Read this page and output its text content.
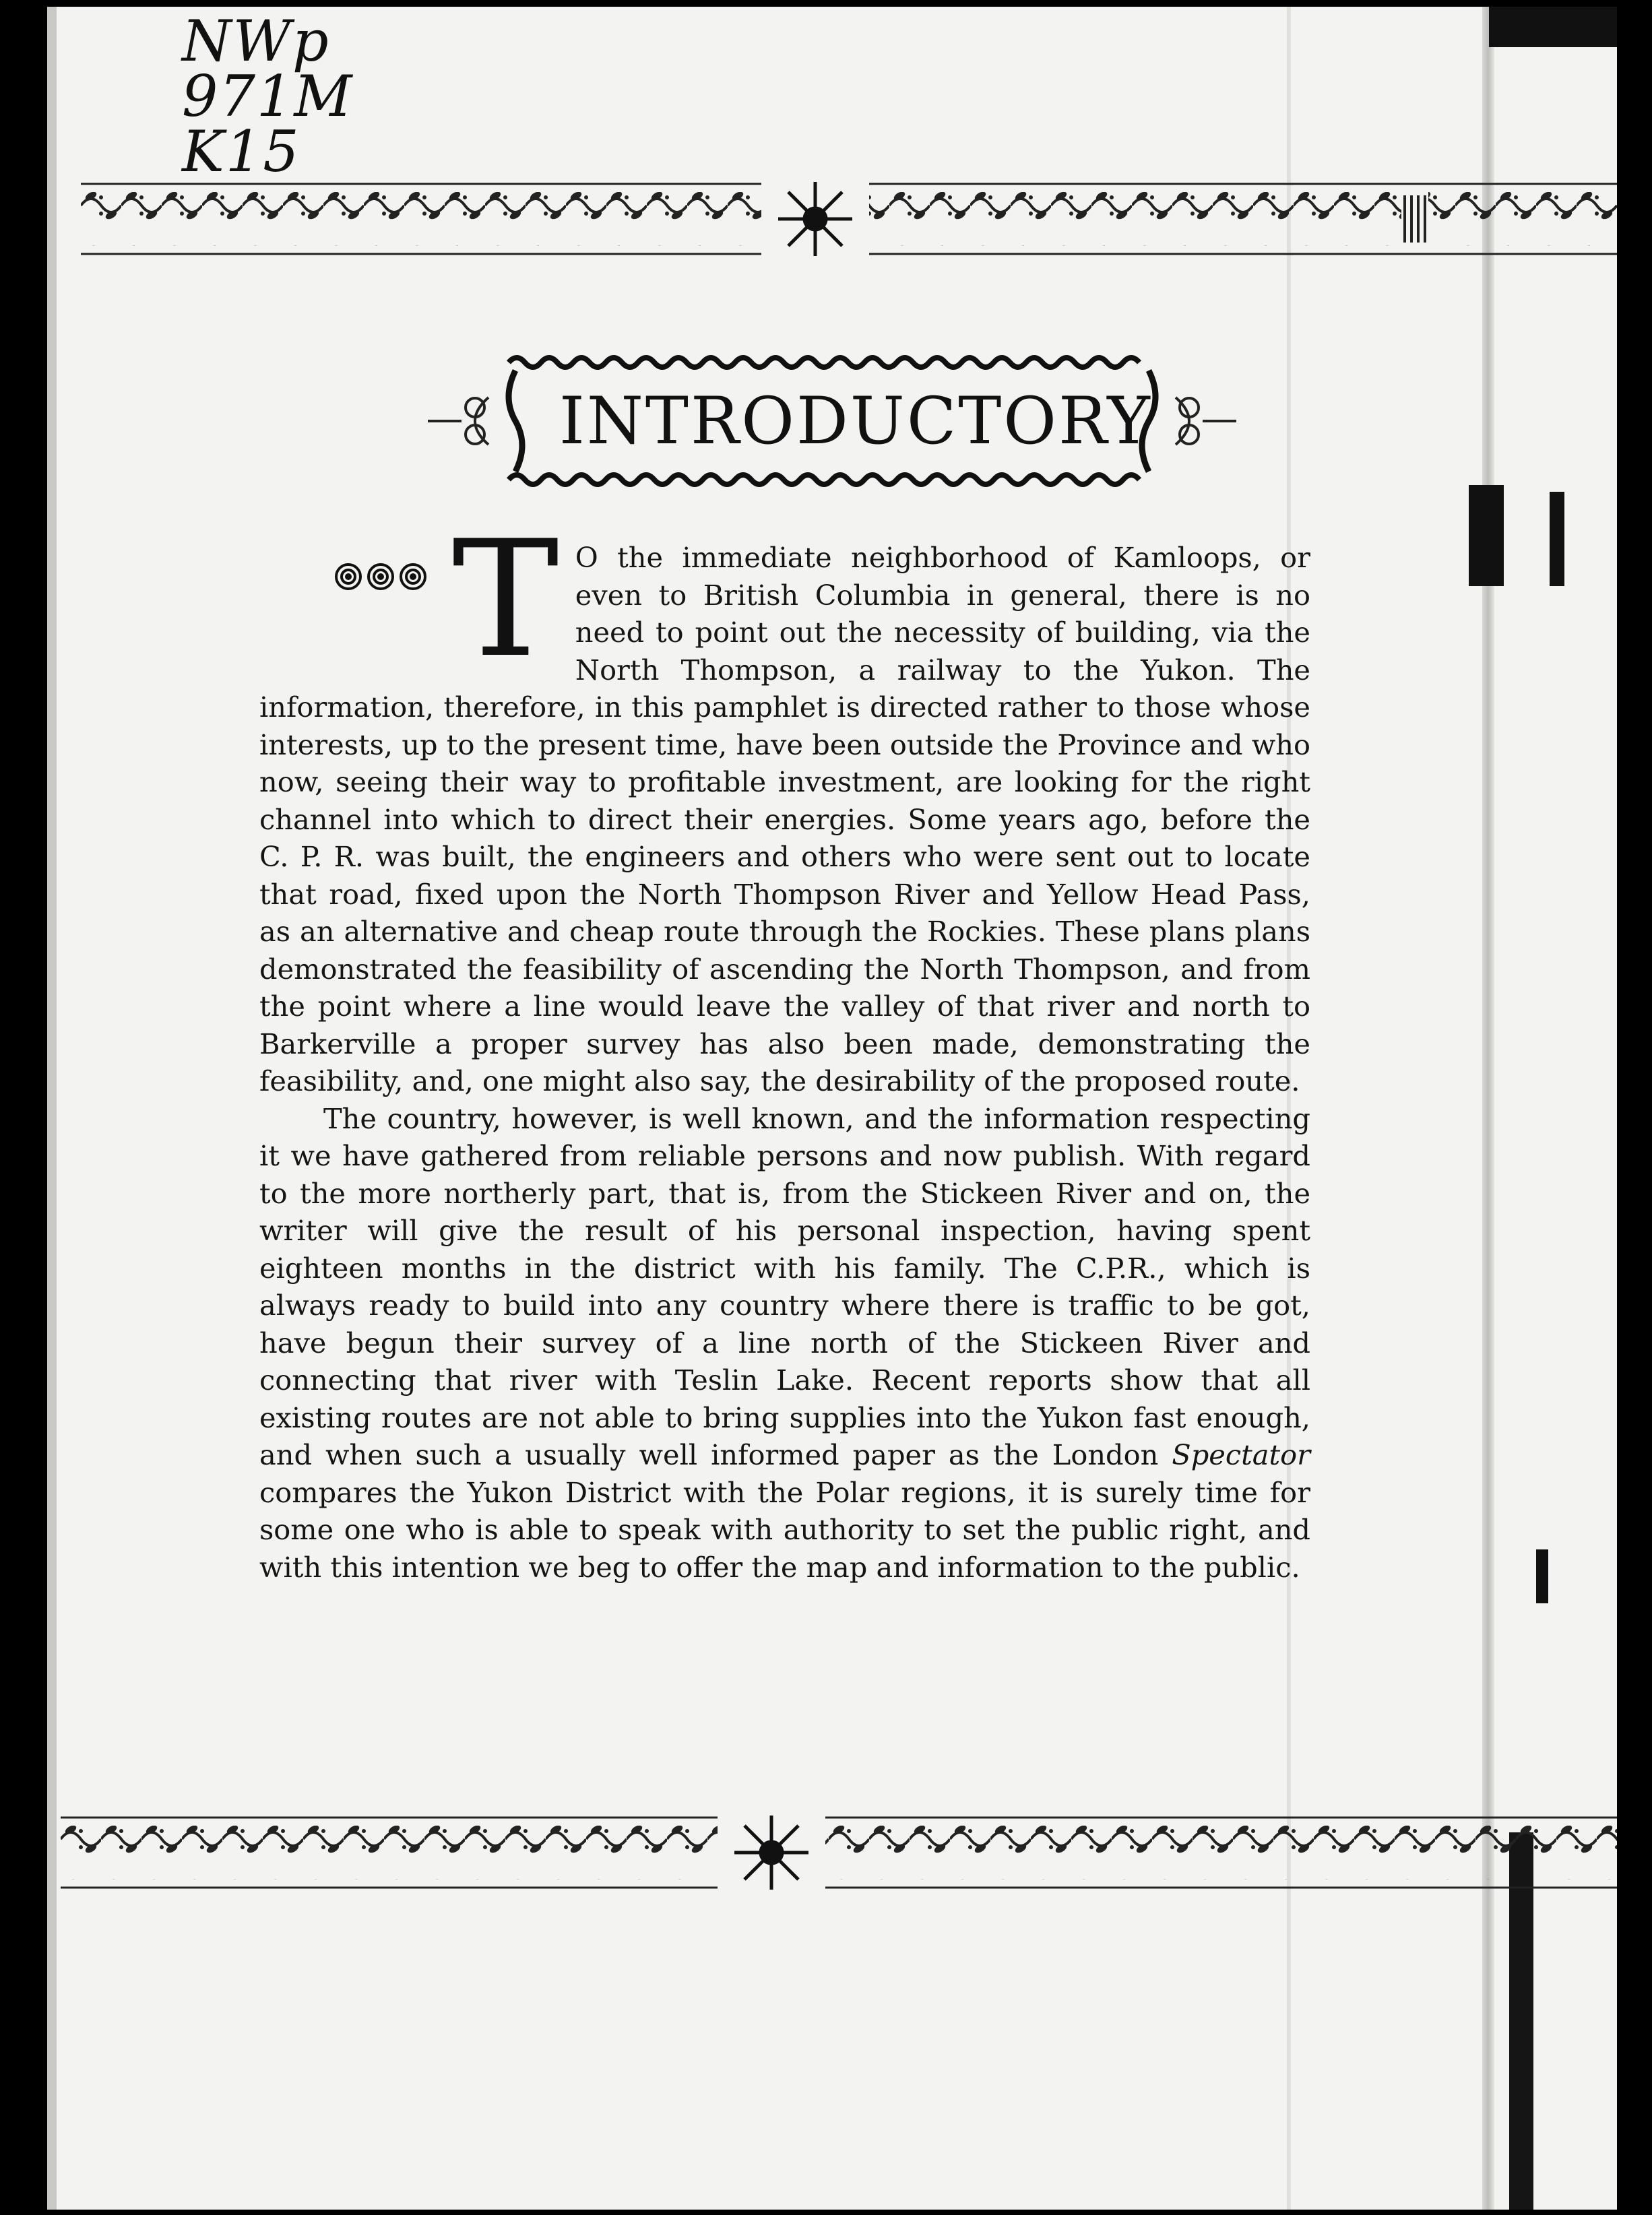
NWp
971M
K15
INTRODUCTORY

T O the immediate neighborhood of Kamloops, or even to British Columbia in general, there is no need to point out the necessity of building, via the North Thompson, a railway to the Yukon. The information, therefore, in this pamphlet is directed rather to those whose interests, up to the present time, have been outside the Province and who now, seeing their way to profitable investment, are looking for the right channel into which to direct their energies. Some years ago, before the C. P. R. was built, the engineers and others who were sent out to locate that road, fixed upon the North Thompson River and Yellow Head Pass, as an alternative and cheap route through the Rockies. These plans plans demonstrated the feasibility of ascending the North Thompson, and from the point where a line would leave the valley of that river and north to Barkerville a proper survey has also been made, demonstrating the feasibility, and, one might also say, the desirability of the proposed route.

The country, however, is well known, and the information respecting it we have gathered from reliable persons and now publish. With regard to the more northerly part, that is, from the Stickeen River and on, the writer will give the result of his personal inspection, having spent eighteen months in the district with his family. The C.P.R., which is always ready to build into any country where there is traffic to be got, have begun their survey of a line north of the Stickeen River and connecting that river with Teslin Lake. Recent reports show that all existing routes are not able to bring supplies into the Yukon fast enough, and when such a usually well informed paper as the London Spectator compares the Yukon District with the Polar regions, it is surely time for some one who is able to speak with authority to set the public right, and with this intention we beg to offer the map and information to the public.
